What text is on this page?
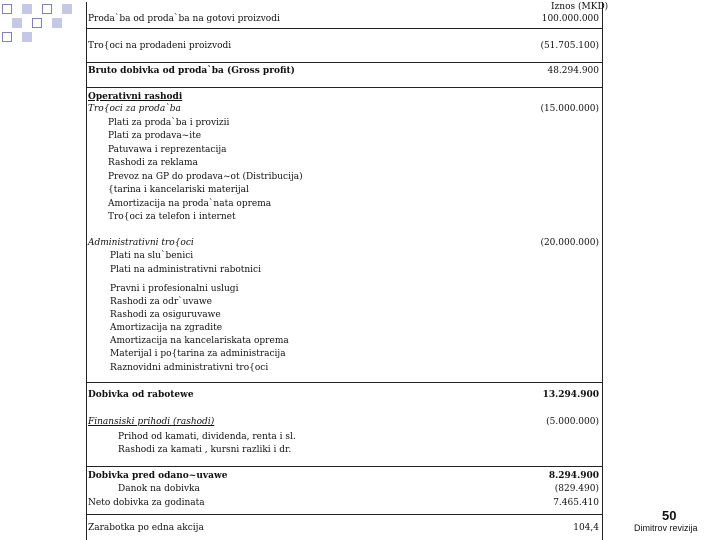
Iznos (MKD)
Proda`ba od proda`ba na gotovi proizvodi	100.000.000
Tro{oci na prodadeni proizvodi	(51.705.100)
Bruto dobivka od proda`ba (Gross profit)	48.294.900
Operativni rashodi
Tro{oci za proda`ba	(15.000.000)
Plati za proda`ba i provizii
Plati za prodava~ite
Patuvawa i reprezentacija
Rashodi za reklama
Prevoz na GP do prodava~ot (Distribucija)
{tarina i kancelariski materijal
Amortizacija na proda`nata oprema
Tro{oci za telefon i internet
Administrativni tro{oci	(20.000.000)
Plati na slu`benici
Plati na administrativni rabotnici
Pravni i profesionalni uslugi
Rashodi za odr`uvawe
Rashodi za osiguruvawe
Amortizacija na zgradite
Amortizacija na kancelariskata oprema
Materijal i po{tarina za administracija
Raznovidni administrativni tro{oci
Dobivka od rabotewe	13.294.900
Finansiski prihodi (rashodi)	(5.000.000)
Prihod od kamati, dividenda, renta i sl.
Rashodi za kamati , kursni razliki i dr.
Dobivka pred odano~uvawe	8.294.900
Danok na dobivka	(829.490)
Neto dobivka za godinata	7.465.410
Zarabotka po edna akcija	104,4
50
Dimitrov revizija
